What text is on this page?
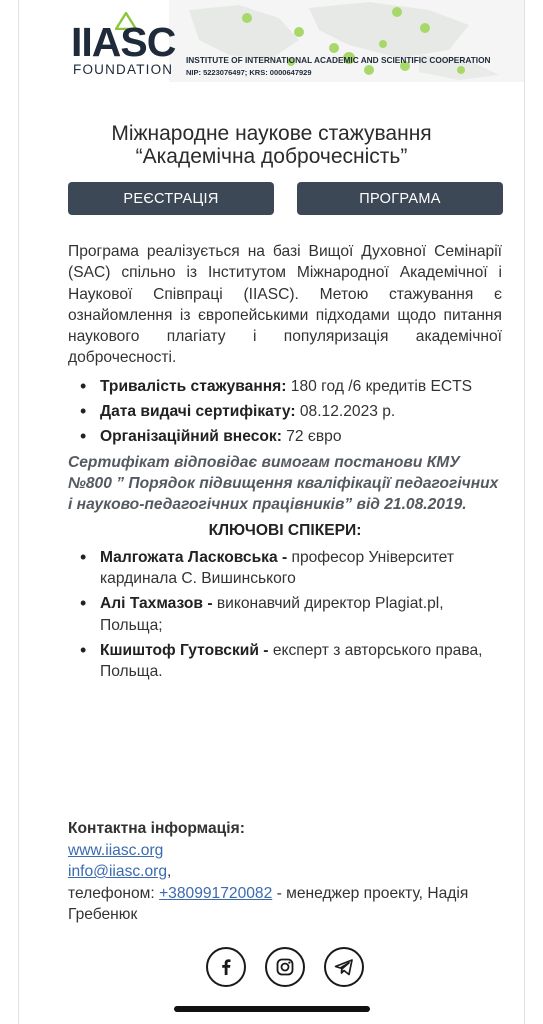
IIASC
FOUNDATION
INSTITUTE OF INTERNATIONAL ACADEMIC AND SCIENTIFIC COOPERATION
NIP: 5223076497; KRS: 0000647929
Міжнародне наукове стажування
“Академічна доброчесність”
РЕЄСТРАЦІЯ	ПРОГРАМА

Програма реалізується на базі Вищої Духовної Семінарії (SAC) спільно із Інститутом Міжнародної Академічної і Наукової Співпраці (IIASC). Метою стажування є ознайомлення із європейськими підходами щодо питання наукового плагіату і популяризація академічної доброчесності.

• Тривалість стажування: 180 год /6 кредитів ECTS
• Дата видачі сертифікату: 08.12.2023 р.
• Організаційний внесок: 72 євро

Сертифікат відповідає вимогам постанови КМУ №800 ” Порядок підвищення кваліфікації педагогічних і науково-педагогічних працівників” від 21.08.2019.

КЛЮЧОВІ СПІКЕРИ:

• Малгожата Ласковська - професор Університет кардинала С. Вишинського
• Алі Тахмазов - виконавчий директор Plagiat.pl, Польща;
• Кшиштоф Гутовский - експерт з авторського права, Польща.
Контактна інформація:
www.iiasc.org
info@iiasc.org,
телефоном: +380991720082 - менеджер проекту, Надія Гребенюк
